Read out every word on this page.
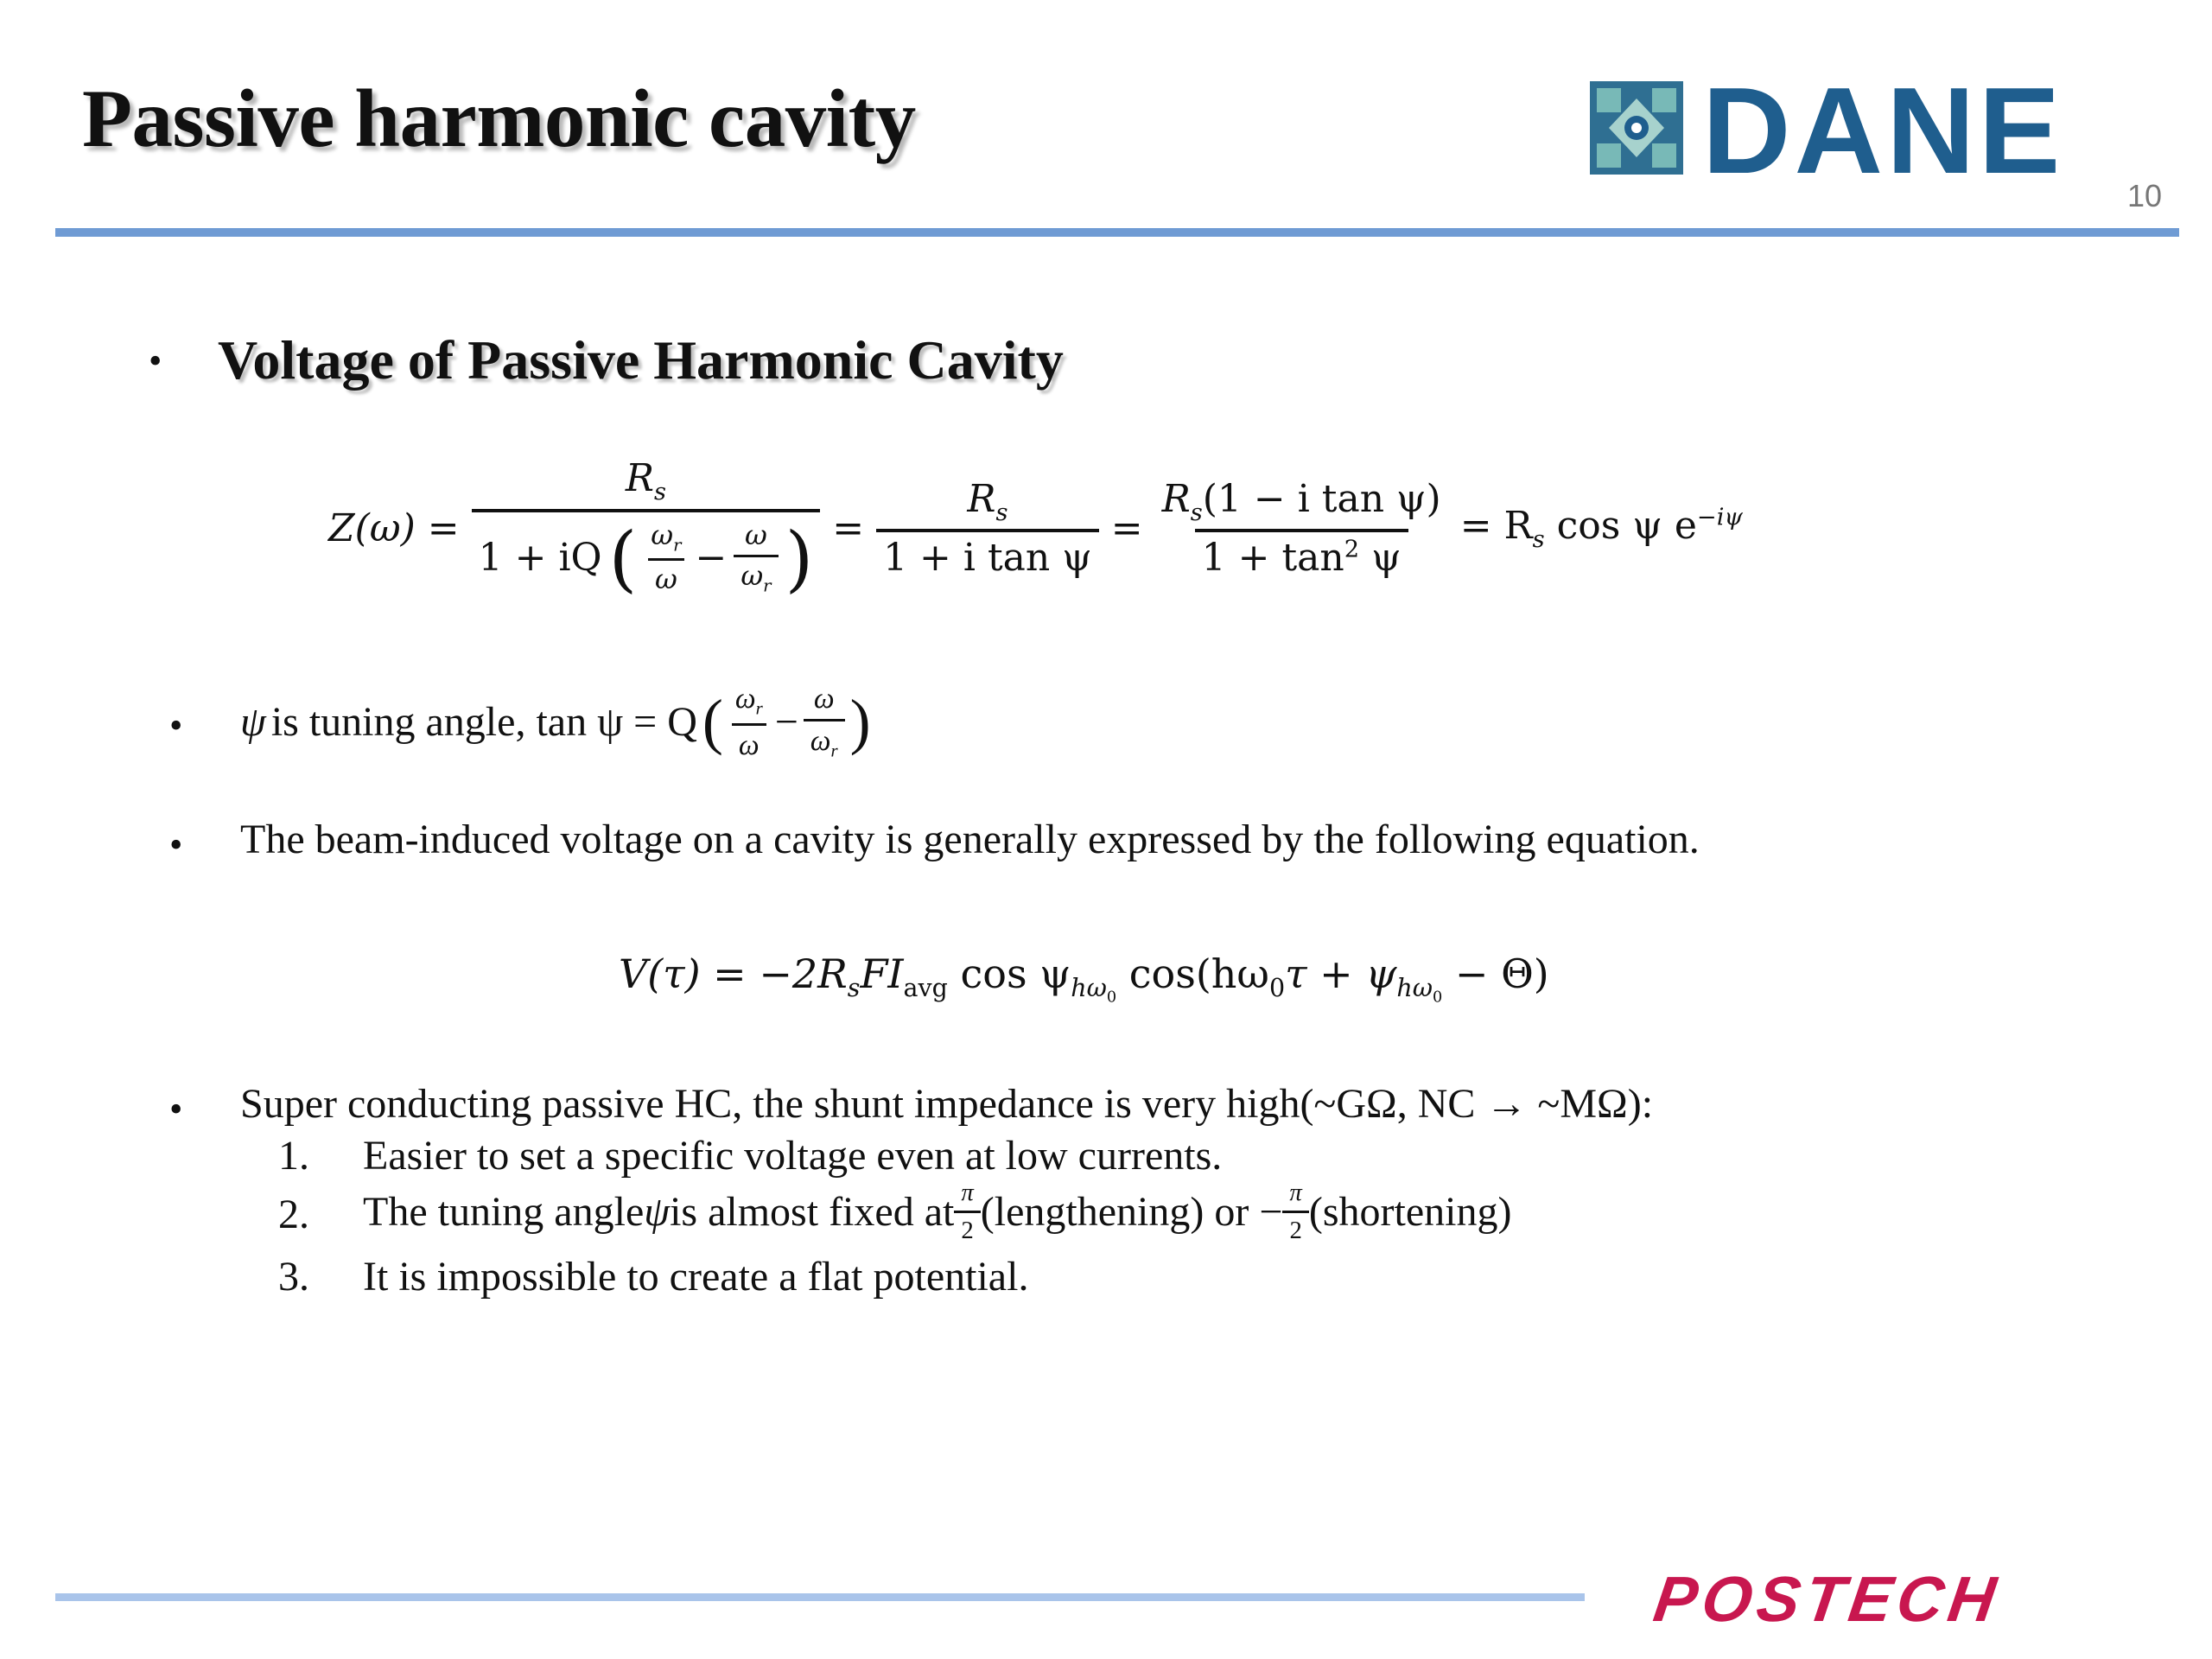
Passive harmonic cavity	DANE 10
• Voltage of Passive Harmonic Cavity
Z(ω) =
$R_s$
1 + iQ ( $\frac{\omega_r}{\omega} - \frac{\omega}{\omega_r}$ ) = $\frac{R_s}{\text{1 + i tan ψ}} = \frac{R_s(1 - i \tan \psi)}{1 + \tan^2 \psi} = R_s$ cos ψ $e^{-i\psi}$
• ψ is tuning angle, tan ψ = Q ( $\frac{\omega_r}{\omega} - \frac{\omega}{\omega_r}$ )
• The beam-induced voltage on a cavity is generally expressed by the following equation.
$V(\tau) = -2R_sFI_{avg}$ $\cos \psi_{h\omega_0}$ $\cos(h\omega_0\tau + \psi_{h\omega_0} - \Theta)$
• Super conducting passive HC, the shunt impedance is very high(~GΩ, NC → ~MΩ):
1. Easier to set a specific voltage even at low currents.
2. The tuning angle ψ is almost fixed at $\frac{\pi}{2}$ (lengthening) or − $\frac{\pi}{2}$ (shortening)
3. It is impossible to create a flat potential.
POSTECH
